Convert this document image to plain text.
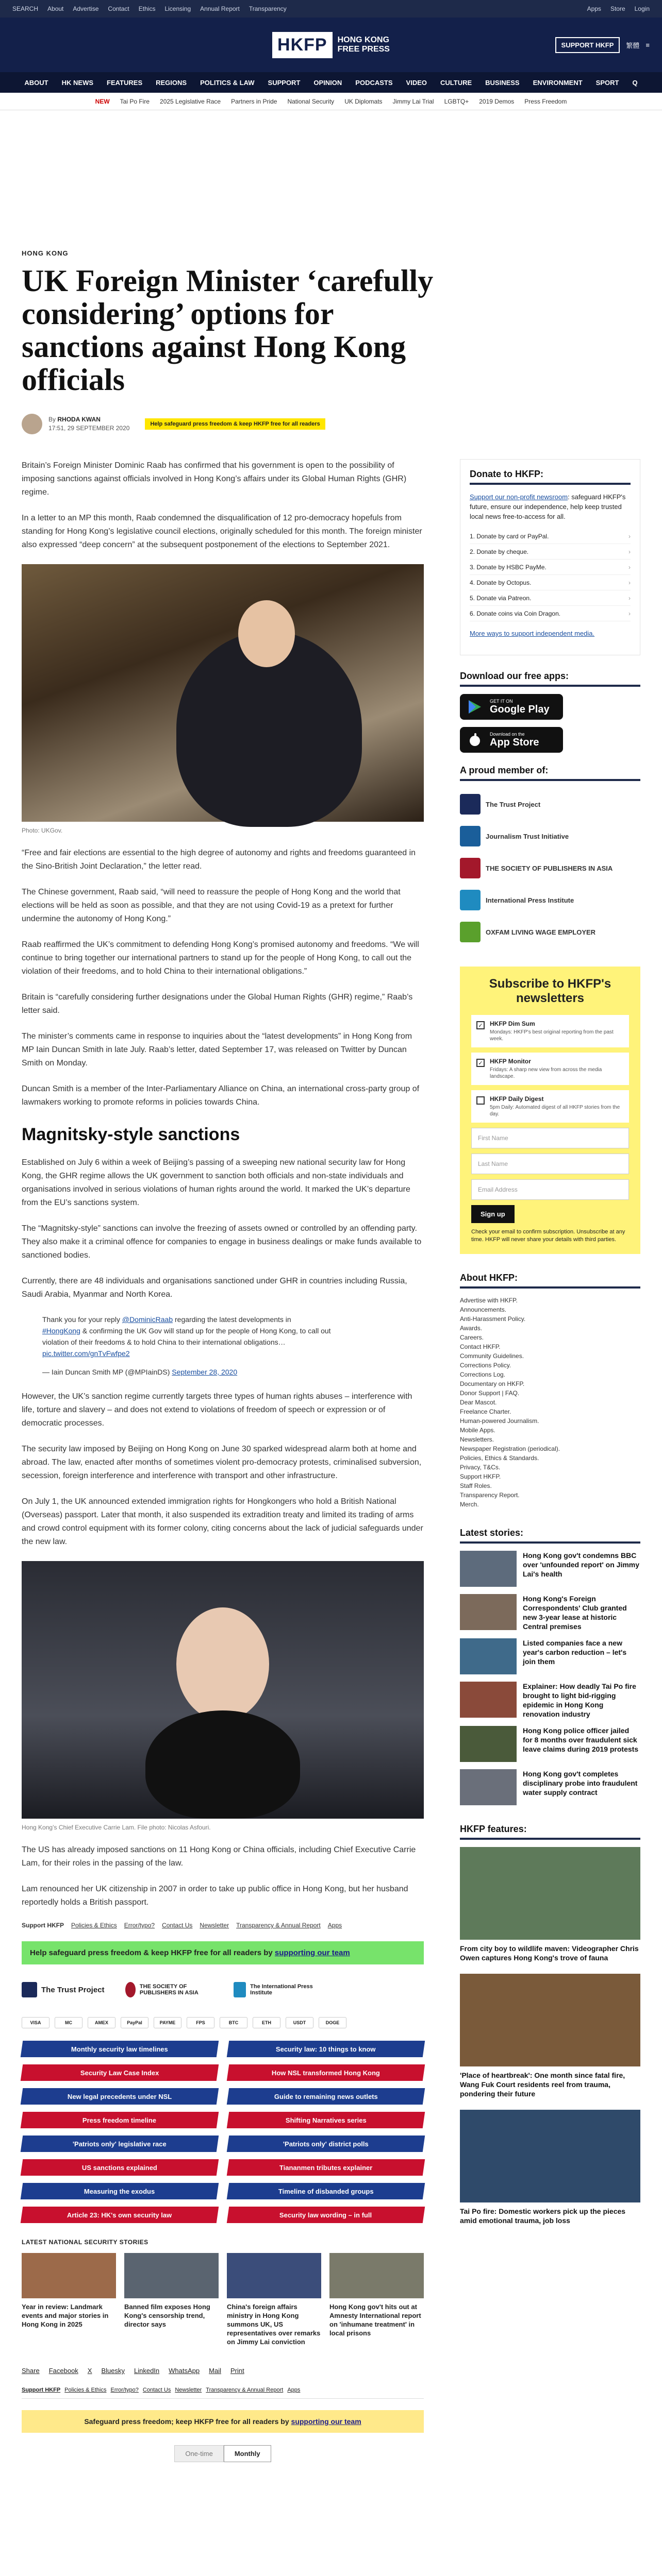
SEARCH About Advertise Contact Ethics Licensing Annual Report Transparency	Apps Store Login
HKFP	HONG KONG
FREE PRESS	SUPPORT HKFP	繁體 ≡
ABOUT HK NEWS FEATURES REGIONS POLITICS & LAW SUPPORT OPINION PODCASTS VIDEO CULTURE BUSINESS ENVIRONMENT SPORT Q
NEW Tai Po Fire 2025 Legislative Race Partners in Pride National Security UK Diplomats Jimmy Lai Trial LGBTQ+ 2019 Demos Press Freedom
HONG KONG
UK Foreign Minister ‘carefully considering’ options for sanctions against Hong Kong officials
By RHODA KWAN
17:51, 29 SEPTEMBER 2020
Help safeguard press freedom & keep HKFP free for all readers

Britain’s Foreign Minister Dominic Raab has confirmed that his government is open to the possibility of imposing sanctions against officials involved in Hong Kong’s affairs under its Global Human Rights (GHR) regime.

In a letter to an MP this month, Raab condemned the disqualification of 12 pro-democracy hopefuls from standing for Hong Kong’s legislative council elections, originally scheduled for this month. The foreign minister also expressed “deep concern” at the subsequent postponement of the elections to September 2021.

Photo: UKGov.

“Free and fair elections are essential to the high degree of autonomy and rights and freedoms guaranteed in the Sino-British Joint Declaration,” the letter read.

The Chinese government, Raab said, “will need to reassure the people of Hong Kong and the world that elections will be held as soon as possible, and that they are not using Covid-19 as a pretext for further undermine the autonomy of Hong Kong.”

Raab reaffirmed the UK’s commitment to defending Hong Kong’s promised autonomy and freedoms. “We will continue to bring together our international partners to stand up for the people of Hong Kong, to call out the violation of their freedoms, and to hold China to their international obligations.”

Britain is “carefully considering further designations under the Global Human Rights (GHR) regime,” Raab’s letter said.

The minister’s comments came in response to inquiries about the “latest developments” in Hong Kong from MP Iain Duncan Smith in late July. Raab’s letter, dated September 17, was released on Twitter by Duncan Smith on Monday.

Duncan Smith is a member of the Inter-Parliamentary Alliance on China, an international cross-party group of lawmakers working to promote reforms in policies towards China.

Magnitsky-style sanctions

Established on July 6 within a week of Beijing’s passing of a sweeping new national security law for Hong Kong, the GHR regime allows the UK government to sanction both officials and non-state individuals and organisations involved in serious violations of human rights around the world. It marked the UK’s departure from the EU’s sanctions system.

The “Magnitsky-style” sanctions can involve the freezing of assets owned or controlled by an offending party. They also make it a criminal offence for companies to engage in business dealings or make funds available to sanctioned bodies.

Currently, there are 48 individuals and organisations sanctioned under GHR in countries including Russia, Saudi Arabia, Myanmar and North Korea.

Thank you for your reply @DominicRaab regarding the latest developments in #HongKong & confirming the UK Gov will stand up for the people of Hong Kong, to call out violation of their freedoms & to hold China to their international obligations… pic.twitter.com/gnTvFwfpe2
— Iain Duncan Smith MP (@MPIainDS) September 28, 2020

However, the UK’s sanction regime currently targets three types of human rights abuses – interference with life, torture and slavery – and does not extend to violations of freedom of speech or expression or of democratic processes.

The security law imposed by Beijing on Hong Kong on June 30 sparked widespread alarm both at home and abroad. The law, enacted after months of sometimes violent pro-democracy protests, criminalised subversion, secession, foreign interference and interference with transport and other infrastructure.

On July 1, the UK announced extended immigration rights for Hongkongers who hold a British National (Overseas) passport. Later that month, it also suspended its extradition treaty and limited its trading of arms and crowd control equipment with its former colony, citing concerns about the lack of judicial safeguards under the new law.

Hong Kong’s Chief Executive Carrie Lam. File photo: Nicolas Asfouri.

The US has already imposed sanctions on 11 Hong Kong or China officials, including Chief Executive Carrie Lam, for their roles in the passing of the law.

Lam renounced her UK citizenship in 2007 in order to take up public office in Hong Kong, but her husband reportedly holds a British passport.

Support HKFP Policies & Ethics Error/typo? Contact Us Newsletter Transparency & Annual Report Apps
Help safeguard press freedom & keep HKFP free for all readers by supporting our team
The Trust Project	THE SOCIETY OF PUBLISHERS IN ASIA
The International Press Institute
VISA	MC	AMEX	PayPal	PAYME	FPS	BTC	ETH	USDT	DOGE
Monthly security law timelines	Security law: 10 things to know
Security Law Case Index	How NSL transformed Hong Kong
New legal precedents under NSL	Guide to remaining news outlets
Press freedom timeline	Shifting Narratives series
'Patriots only' legislative race	'Patriots only' district polls
US sanctions explained	Tiananmen tributes explainer
Measuring the exodus	Timeline of disbanded groups
Article 23: HK's own security law	Security law wording – in full
LATEST NATIONAL SECURITY STORIES
Year in review: Landmark events and major stories in Hong Kong in 2025
Banned film exposes Hong Kong's censorship trend, director says
China's foreign affairs ministry in Hong Kong summons UK, US representatives over remarks on Jimmy Lai conviction
Hong Kong gov't hits out at Amnesty International report on 'inhumane treatment' in local prisons
Share Facebook X Bluesky LinkedIn WhatsApp Mail Print
Support HKFP Policies & Ethics Error/typo? Contact Us Newsletter Transparency & Annual Report Apps
Safeguard press freedom; keep HKFP free for all readers by supporting our team
One-time	Monthly
Donate to HKFP:

Support our non-profit newsroom: safeguard HKFP's future, ensure our independence, help keep trusted local news free-to-access for all.

1. Donate by card or PayPal.	›
2. Donate by cheque.	›
3. Donate by HSBC PayMe.	›
4. Donate by Octopus.	›
5. Donate via Patreon.	›
6. Donate coins via Coin Dragon.	›

More ways to support independent media.

Download our free apps:
GET IT ON
Google Play
Download on the
App Store
A proud member of:
The Trust Project
Journalism Trust Initiative
THE SOCIETY OF PUBLISHERS IN ASIA
International Press Institute
OXFAM LIVING WAGE EMPLOYER
Subscribe to HKFP's newsletters
✓ HKFP Dim Sum
Mondays: HKFP's best original reporting from the past week.
✓ HKFP Monitor
Fridays: A sharp new view from across the media landscape.
HKFP Daily Digest
5pm Daily: Automated digest of all HKFP stories from the day.
First Name
Last Name
Email Address
Sign up
Check your email to confirm subscription. Unsubscribe at any time. HKFP will never share your details with third parties.
About HKFP:
Advertise with HKFP.
Announcements.
Anti-Harassment Policy.
Awards.
Careers.
Contact HKFP.
Community Guidelines.
Corrections Policy.
Corrections Log.
Documentary on HKFP.
Donor Support | FAQ.
Dear Mascot.
Freelance Charter.
Human-powered Journalism.
Mobile Apps.
Newsletters.
Newspaper Registration (periodical).
Policies, Ethics & Standards.
Privacy, T&Cs.
Support HKFP.
Staff Roles.
Transparency Report.
Merch.
Latest stories:
Hong Kong gov't condemns BBC over 'unfounded report' on Jimmy Lai's health
Hong Kong's Foreign Correspondents' Club granted new 3-year lease at historic Central premises
Listed companies face a new year's carbon reduction – let's join them
Explainer: How deadly Tai Po fire brought to light bid-rigging epidemic in Hong Kong renovation industry
Hong Kong police officer jailed for 8 months over fraudulent sick leave claims during 2019 protests
Hong Kong gov't completes disciplinary probe into fraudulent water supply contract
HKFP features:
From city boy to wildlife maven: Videographer Chris Owen captures Hong Kong's trove of fauna
'Place of heartbreak': One month since fatal fire, Wang Fuk Court residents reel from trauma, pondering their future
Tai Po fire: Domestic workers pick up the pieces amid emotional trauma, job loss
